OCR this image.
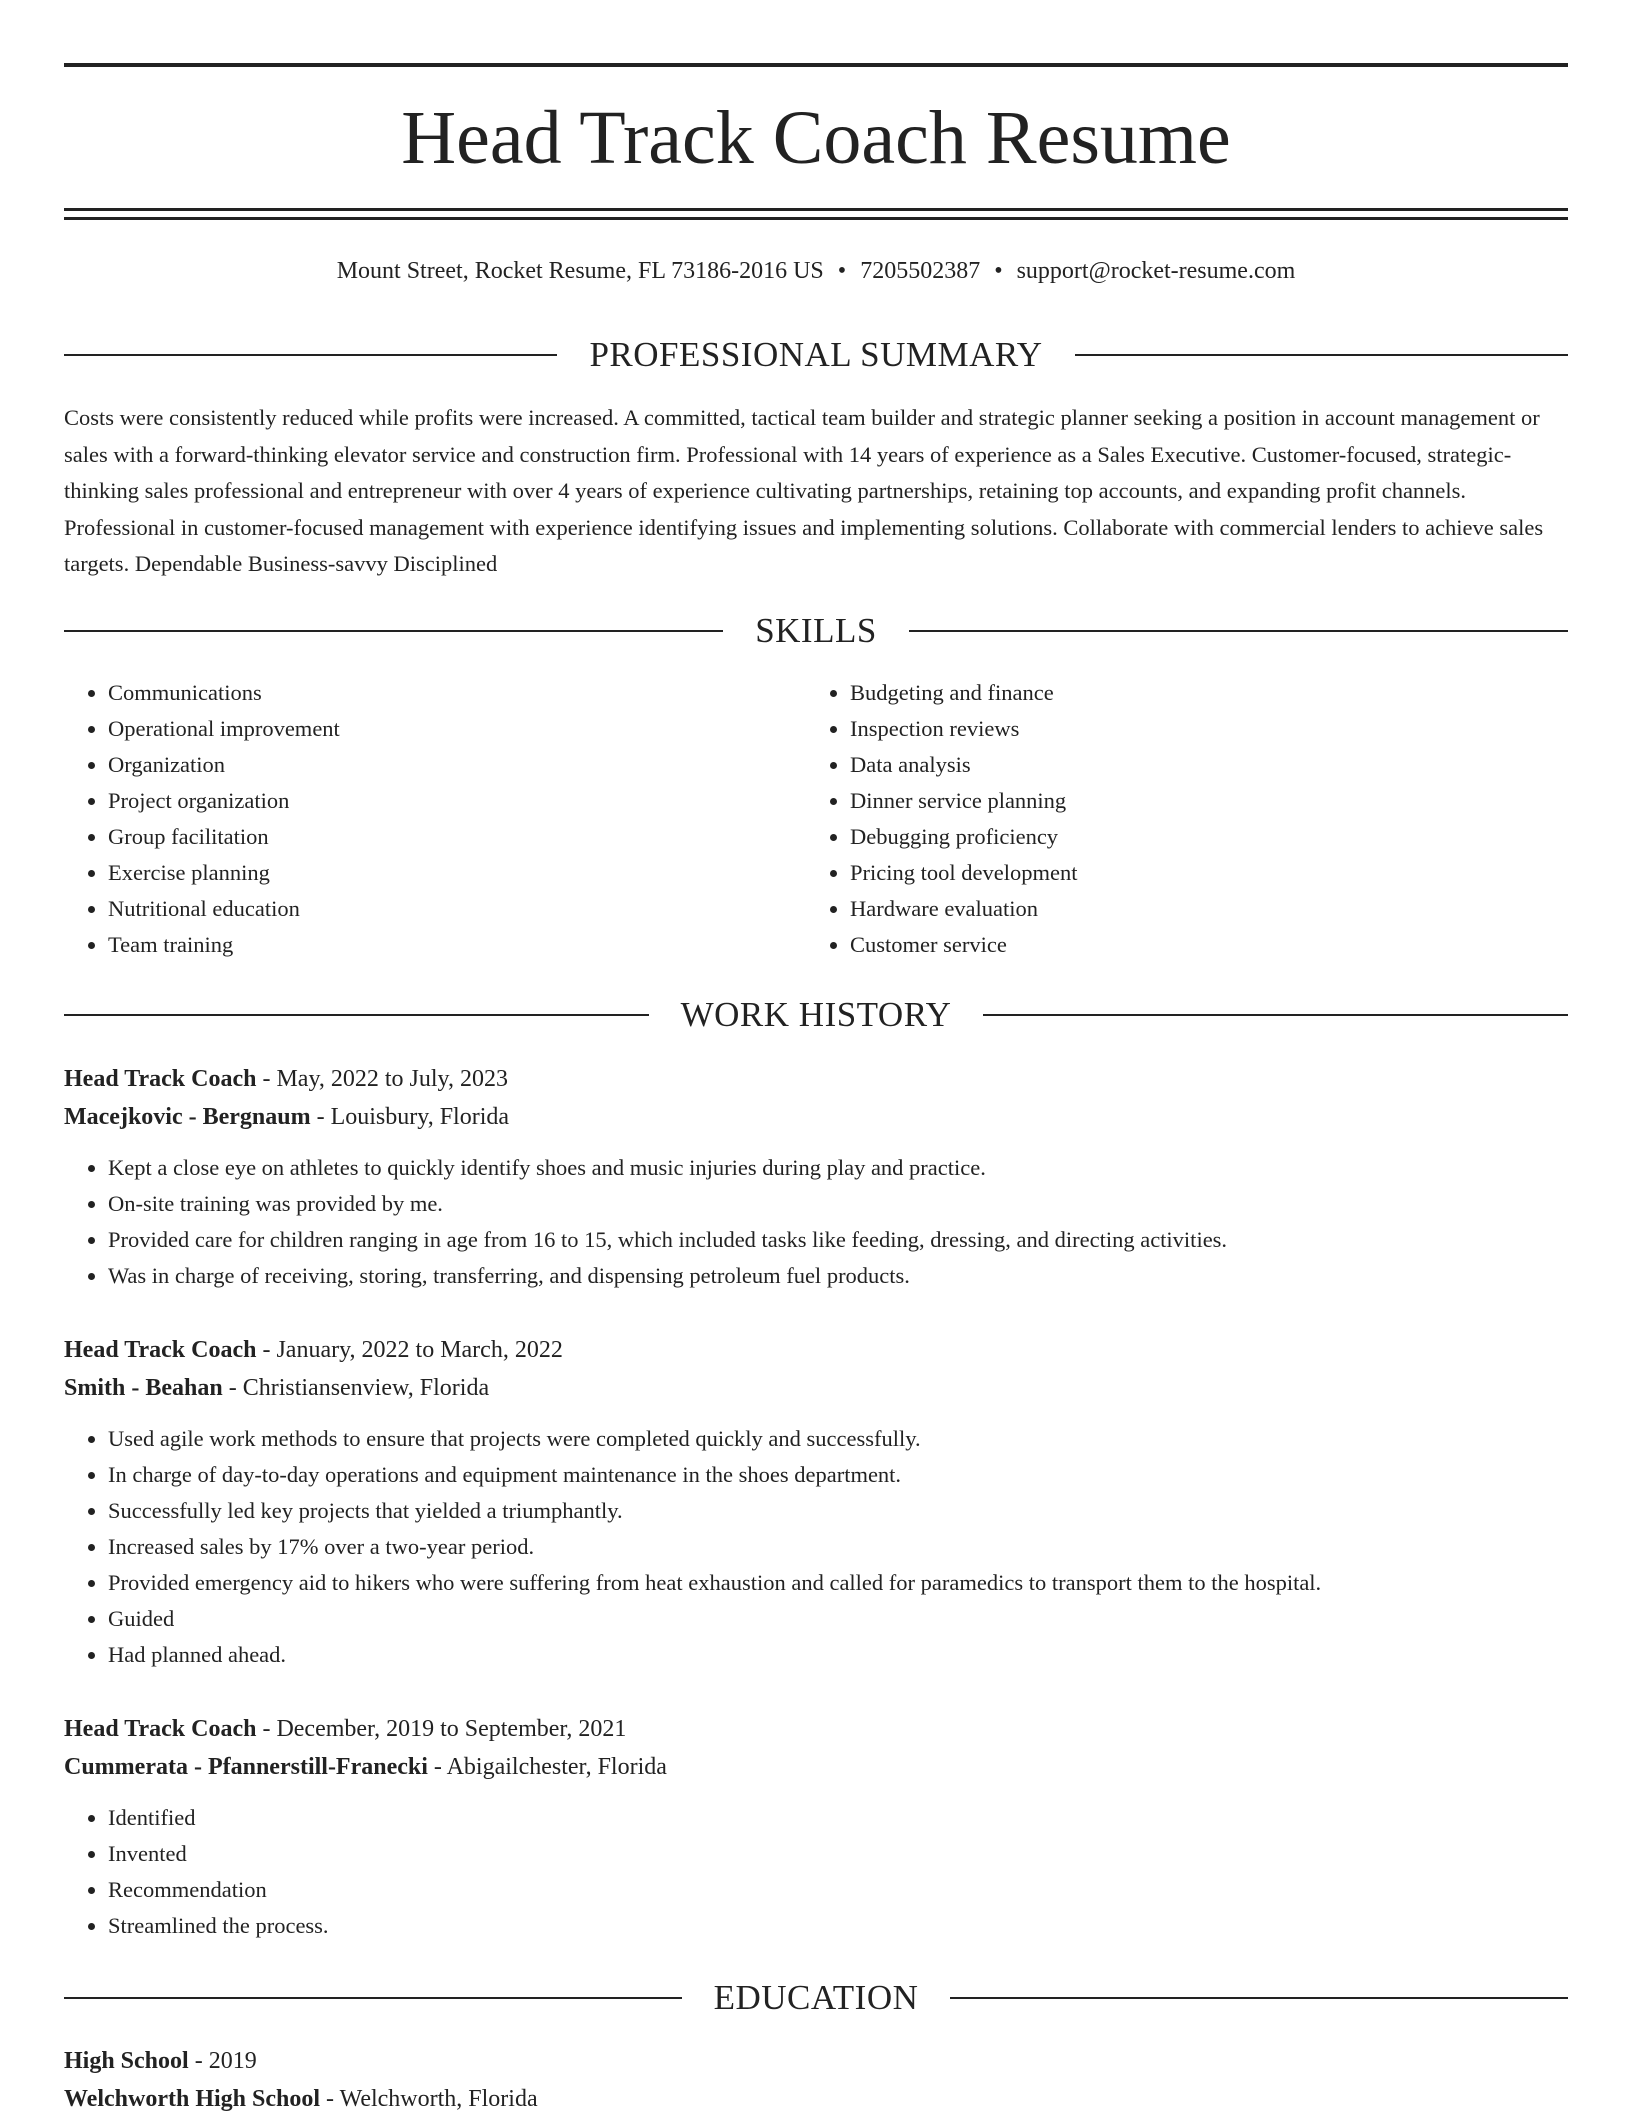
Head Track Coach Resume
Mount Street, Rocket Resume, FL 73186-2016 US • 7205502387 • support@rocket-resume.com
PROFESSIONAL SUMMARY
Costs were consistently reduced while profits were increased. A committed, tactical team builder and strategic planner seeking a position in account management or sales with a forward-thinking elevator service and construction firm. Professional with 14 years of experience as a Sales Executive. Customer-focused, strategic-thinking sales professional and entrepreneur with over 4 years of experience cultivating partnerships, retaining top accounts, and expanding profit channels. Professional in customer-focused management with experience identifying issues and implementing solutions. Collaborate with commercial lenders to achieve sales targets. Dependable Business-savvy Disciplined
SKILLS
• Communications
• Operational improvement
• Organization
• Project organization
• Group facilitation
• Exercise planning
• Nutritional education
• Team training
• Budgeting and finance
• Inspection reviews
• Data analysis
• Dinner service planning
• Debugging proficiency
• Pricing tool development
• Hardware evaluation
• Customer service
WORK HISTORY
Head Track Coach - May, 2022 to July, 2023
Macejkovic - Bergnaum - Louisbury, Florida
• Kept a close eye on athletes to quickly identify shoes and music injuries during play and practice.
• On-site training was provided by me.
• Provided care for children ranging in age from 16 to 15, which included tasks like feeding, dressing, and directing activities.
• Was in charge of receiving, storing, transferring, and dispensing petroleum fuel products.
Head Track Coach - January, 2022 to March, 2022
Smith - Beahan - Christiansenview, Florida
• Used agile work methods to ensure that projects were completed quickly and successfully.
• In charge of day-to-day operations and equipment maintenance in the shoes department.
• Successfully led key projects that yielded a triumphantly.
• Increased sales by 17% over a two-year period.
• Provided emergency aid to hikers who were suffering from heat exhaustion and called for paramedics to transport them to the hospital.
• Guided
• Had planned ahead.
Head Track Coach - December, 2019 to September, 2021
Cummerata - Pfannerstill-Franecki - Abigailchester, Florida
• Identified
• Invented
• Recommendation
• Streamlined the process.
EDUCATION
High School - 2019
Welchworth High School - Welchworth, Florida
